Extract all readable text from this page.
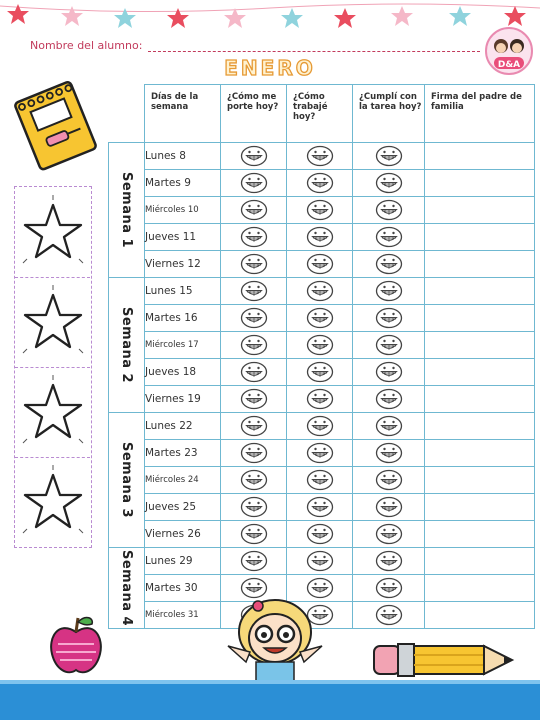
Nombre del alumno:
D&A
ENERO
	Días de la semana	¿Cómo me porte hoy?	¿Cómo trabajé hoy?	¿Cumplí con la tarea hoy?	Firma del padre de familia

Semana 1	Lunes 8	

	Martes 9	

	Miércoles 10	

	Jueves 11	

	Viernes 12	

Semana 2	Lunes 15	

	Martes 16	

	Miércoles 17	

	Jueves 18	

	Viernes 19	

Semana 3	Lunes 22	

	Martes 23	

	Miércoles 24	

	Jueves 25	

	Viernes 26	

Semana 4	Lunes 29	

	Martes 30	

	Miércoles 31	
